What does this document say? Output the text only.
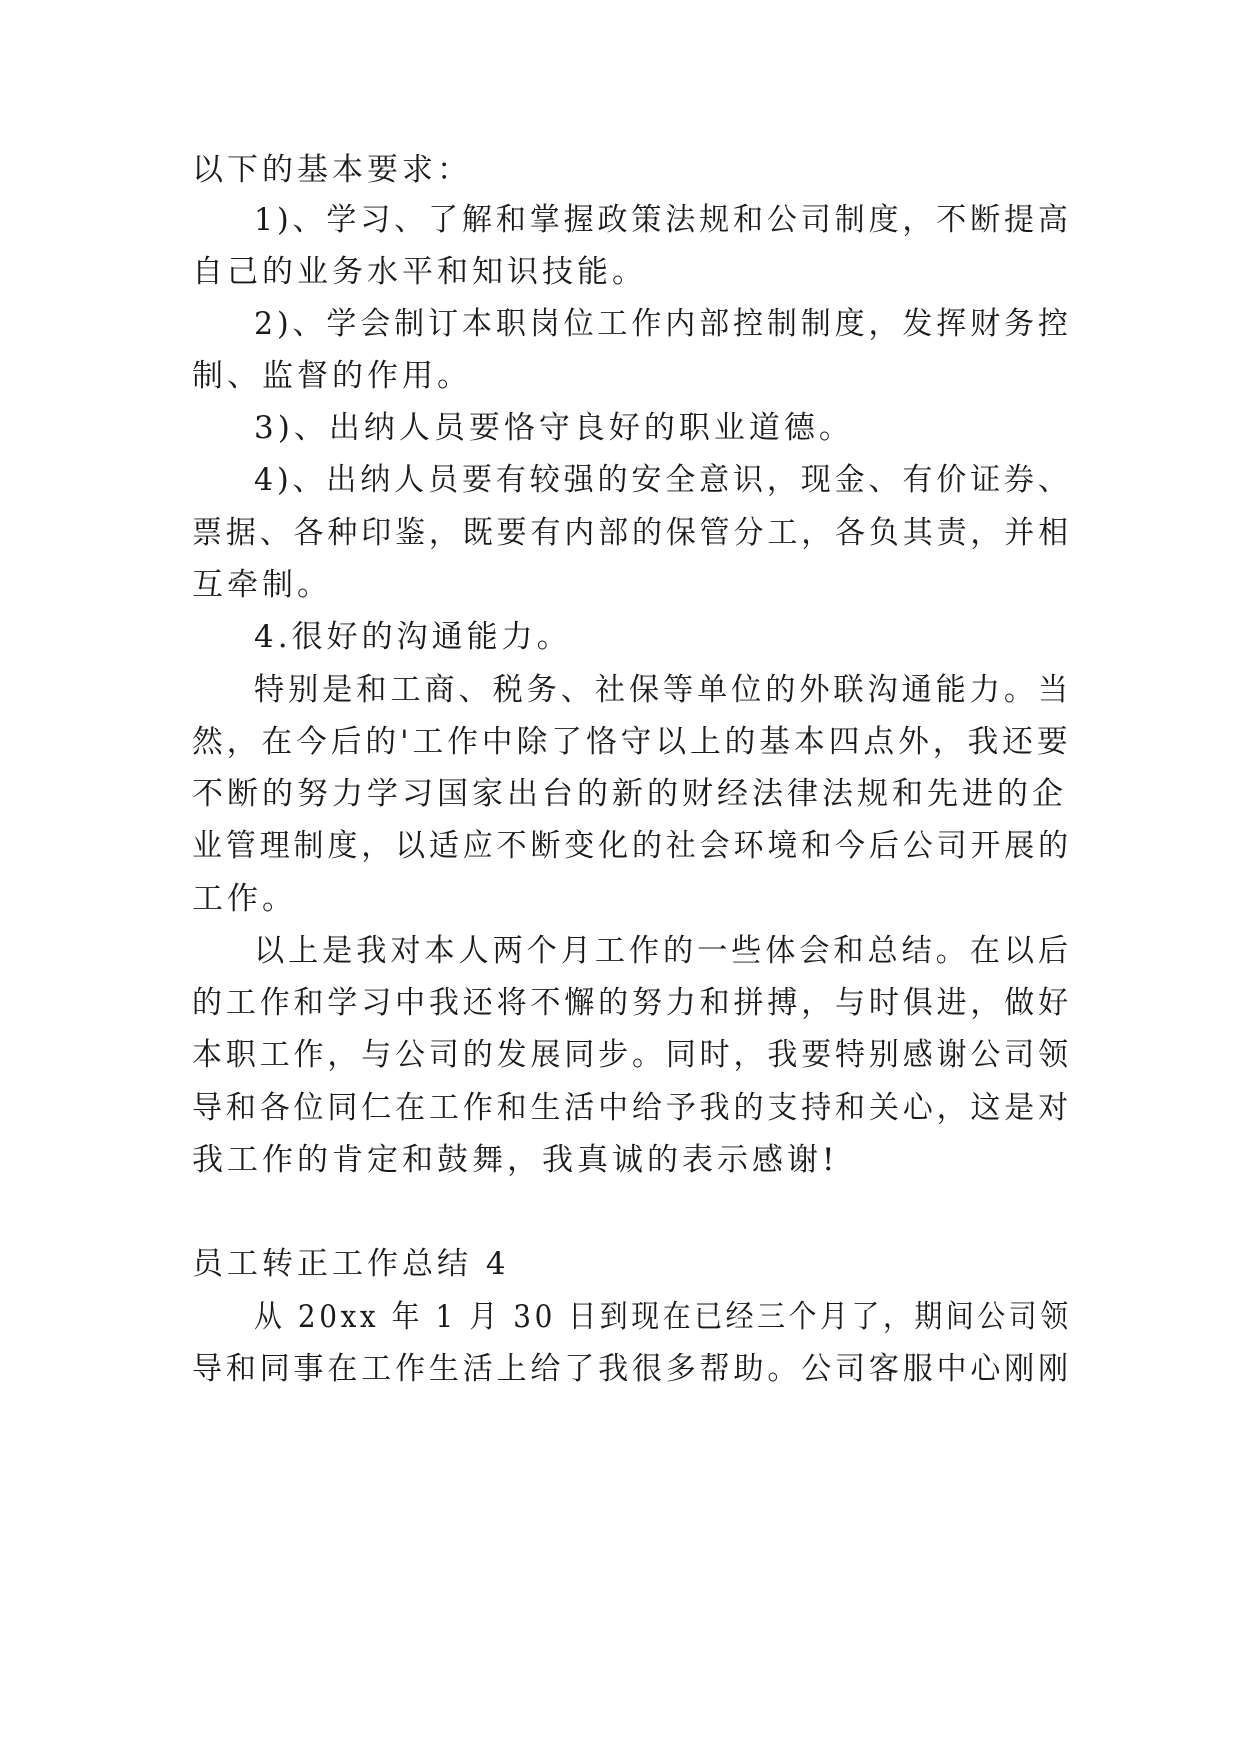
以下的基本要求：
1)、学习、了解和掌握政策法规和公司制度，不断提高
自己的业务水平和知识技能。
2)、学会制订本职岗位工作内部控制制度，发挥财务控
制、监督的作用。
3)、出纳人员要恪守良好的职业道德。
4)、出纳人员要有较强的安全意识，现金、有价证券、
票据、各种印鉴，既要有内部的保管分工，各负其责，并相
互牵制。
4.很好的沟通能力。
特别是和工商、税务、社保等单位的外联沟通能力。当
然，在今后的'工作中除了恪守以上的基本四点外，我还要
不断的努力学习国家出台的新的财经法律法规和先进的企
业管理制度，以适应不断变化的社会环境和今后公司开展的
工作。
以上是我对本人两个月工作的一些体会和总结。在以后
的工作和学习中我还将不懈的努力和拼搏，与时俱进，做好
本职工作，与公司的发展同步。同时，我要特别感谢公司领
导和各位同仁在工作和生活中给予我的支持和关心，这是对
我工作的肯定和鼓舞，我真诚的表示感谢!
员工转正工作总结 4
从 20xx 年 1 月 30 日到现在已经三个月了，期间公司领
导和同事在工作生活上给了我很多帮助。公司客服中心刚刚
